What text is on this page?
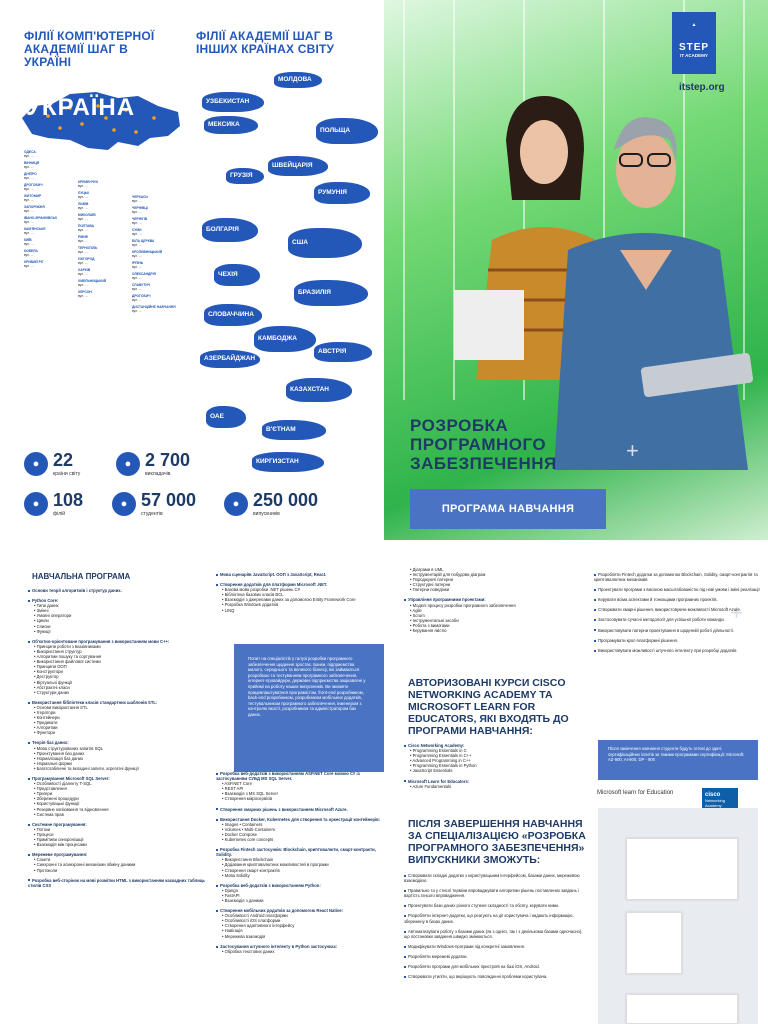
ФІЛІЇ КОМП'ЮТЕРНОЇ АКАДЕМІЇ ШАГ В УКРАЇНІ
УКРАЇНА
ОДЕСА
вул. ...
ВІННИЦЯ
вул. ...
ДНІПРО
вул. ...
ДРОГОБИЧ
вул. ...
ЖИТОМИР
вул. ...
ЗАПОРІЖЖЯ
вул. ...
ІВАНО-ФРАНКІВСЬК
вул. ...
КАМ'ЯНСЬКЕ
вул. ...
КИЇВ
вул. ...
КОВЕЛЬ
вул. ...
КРИВИЙ РІГ
вул. ...
КРЕМЕНЧУК
вул. ...
ЛУЦЬК
вул. ...
ЛЬВІВ
вул. ...
МИКОЛАЇВ
вул. ...
ПОЛТАВА
вул. ...
РІВНЕ
вул. ...
ТЕРНОПІЛЬ
вул. ...
УЖГОРОД
вул. ...
ХАРКІВ
вул. ...
ХМЕЛЬНИЦЬКИЙ
вул. ...
ХЕРСОН
вул. ...
ЧЕРКАСИ
вул. ...
ЧЕРНІВЦІ
вул. ...
ЧЕРНІГІВ
вул. ...
СУМИ
вул. ...
БІЛА ЦЕРКВА
вул. ...
КРОПИВНИЦЬКИЙ
вул. ...
ІРПІНЬ
вул. ...
ОЛЕКСАНДРІЯ
вул. ...
СЛАВУТИЧ
вул. ...
ДРОГОБИЧ
вул. ...
ДИСТАНЦІЙНЕ НАВЧАННЯ
вул. ...
ФІЛІЇ АКАДЕМІЇ ШАГ В ІНШИХ КРАЇНАХ СВІТУ
МОЛДОВА
УЗБЕКИСТАН
МЕКСИКА
ПОЛЬЩА
ШВЕЙЦАРІЯ
ГРУЗІЯ
РУМУНІЯ
БОЛГАРІЯ
США
ЧЕХІЯ
БРАЗИЛІЯ
СЛОВАЧЧИНА
КАМБОДЖА
АВСТРІЯ
АЗЕРБАЙДЖАН
КАЗАХСТАН
ОАЕ
В'ЄТНАМ
КИРГИЗСТАН
● 22
країни світу
● 2 700
викладачів
● 108
філій
● 57 000
студентів
● 250 000
випускників
▲
STEP
IT ACADEMY
itstep.org
РОЗРОБКА
ПРОГРАМНОГО
ЗАБЕЗПЕЧЕННЯ
+
+
ПРОГРАМА НАВЧАННЯ
НАВЧАЛЬНА ПРОГРАМА
Основи теорії алгоритмів і структур даних.
Python Core:
• Типи даних
• Змінні
• Умовні оператори
• Цикли
• Списки
• Функції
Об'єктно-орієнтоване програмування з використанням мови C++:
• Принципи роботи з вказівниками
• Використання структур
• Алгоритми пошуку та сортування
• Використання файлової системи
• Принципи ООП
• Конструктори
• Деструктор
• Віртуальні функції
• Абстрактні класи
• Структури даних
Використання бібліотеки класів стандартних шаблонів STL:
• Основи використання STL
• Ітератори
• Контейнери
• Предикати
• Алгоритми
• Функтори
Теорія баз даних:
• Мова структурованих запитів SQL
• Проектування баз даних
• Нормалізація баз даних
• Нормальні форми
• Багатотабличні та вкладені запити, агрегатні функції
Програмування Microsoft SQL Server:
• Особливості діалекту T-SQL
• Представлення
• Тригери
• Збережені процедури
• Користувацькі функції
• Резервне копіювання та відновлення
• Система прав
Системне програмування:
• Потоки
• Процеси
• Примітиви синхронізації
• Взаємодія між процесами
Мережеве програмування:
• Сокети
• Синхронні та асинхронні механізми обміну даними
• Протоколи
Розробка веб-сторінок на мові розмітки HTML з використанням каскадних таблиць стилів CSS
Мова сценаріїв JavaScript. ООП з JavaScript, React.
Створення додатків для платформи Microsoft .NET.
• Базова мова розробки .NET рішень C#
• Бібліотека базових класів BCL
• Взаємодія з джерелами даних за допомогою Entity Framework Core
• Розробка Windows додатків
• LINQ
Попит на спеціалістів у галузі розробки програмного забезпечення щодення зростає. Банки, підприємства малого, середнього та великого бізнесу, які займаються розробкою та тестуванням програмного забезпечення, інтернет-провайдери, державні підприємства зацікавлені у прийомі на роботу наших випускників. Ви зможете працевлаштуватися програмістом, front-end розробником, back-end розробником, розробником мобільних додатків, тестувальником програмного забезпечення, інженером з контролю якості, розробником та адміністратором баз даних.
Розробка веб-додатків з використанням ASP.NET Core мовою C# із застосуванням СУБД MS SQL Server.
• ASP.NET Core
• REST API
• Взаємодія з MS SQL Server
• Створення мікросервісів
Створення хмарних рішень з використанням Microsoft Azure.
Використання Docker, Kubernetes для створення та оркестрації контейнерів:
• Images • Containers
• Volumes • Multi-Containers
• Docker Compose
• Kubernetes core concepts
Розробка Fintech застосунків: Blockchain, криптовалюти, смарт-контракти, Solidity.
• Використання Blockchain
• Додавання криптовалютних можливостей в програми
• Створення смарт-контрактів
• Мова Solidity
Розробка веб-додатків з використанням Python:
• Django
• FastAPI
• Взаємодія з даними
Створення мобільних додатків за допомогою React Native:
• Особливості Android платформи
• Особливості iOS платформи
• Створення адаптивного інтерфейсу
• Навігація
• Мережева взаємодія
Застосування штучного інтелекту в Python застосунках:
• Обробка текстових даних
• Діаграми в UML
• Інструментарій для побудови діаграм
• Породжуючі патерни
• Структурні патерни
• Патерни поведінки
Управління програмними проектами:
• Моделі процесу розробки програмного забезпечення
• Agile
• Scrum
• Інструментальні засоби
• Робота з вимогами
• Керування якістю
АВТОРИЗОВАНІ КУРСИ CISCO NETWORKING ACADEMY ТА MICROSOFT LEARN FOR EDUCATORS, ЯКІ ВХОДЯТЬ ДО ПРОГРАМИ НАВЧАННЯ:
Cisco Networking Academy:
• Programming Essentials in C
• Programming Essentials in C++
• Advanced Programming in C++
• Programming Essentials in Python
• JavaScript Essentials
Microsoft Learn for Educators:
• Azure Fundamentals
ПІСЛЯ ЗАВЕРШЕННЯ НАВЧАННЯ ЗА СПЕЦІАЛІЗАЦІЄЮ «РОЗРОБКА ПРОГРАМНОГО ЗАБЕЗПЕЧЕННЯ» ВИПУСКНИКИ ЗМОЖУТЬ:
Створювати складні додатки з користувацьким інтерфейсом, базами даних, мережевою взаємодією.
Правильно та у стислі терміни впроваджувати алгоритми рішень поставлених завдань і вартість їхнього впровадження.
Проектувати бази даних різного ступеня складності та обсягу, керувати ними.
Розробляти інтернет-додатки, що реагують на дії користувача і надають інформацію, збережену в базах даних.
Автоматизувати роботу з базами даних (як з однієї, так і з декількома базами одночасно), що постановки завдання швидко змінюються.
Модифікувати Windows-програми під конкретні замовлення.
Розробляти мережеві додатки.
Розробляти програми для мобільних пристроїв на базі iOS, Android.
Створювати утиліти, що вирішують повсякденні проблеми користувача.
Розробляти Fintech додатки за допомогою Blockchain, Solidity, смарт-контрактів та криптовалютних механізмів
Проектувати програми з високою масштабованістю під нові умови і зміні реалізації
Керувати всіма аспектами й тонкощами програмних проектів.
Створювати хмарні рішення, використовуючи можливості Microsoft Azure.
Застосовувати сучасні методології для успішної роботи команди.
Використовувати патерни проектування в щоденній роботі діяльності.
Програмувати крос-платформні рішення.
Використовувати можливості штучного інтелекту при розробці додатків
Після закінчення навчання студенти будуть готові до здачі сертифікаційних іспитів за такими програмами сертифікації: Microsoft: AZ-900, AI-900, DP - 900
Microsoft learn for Education	cisco
Networking Academy
